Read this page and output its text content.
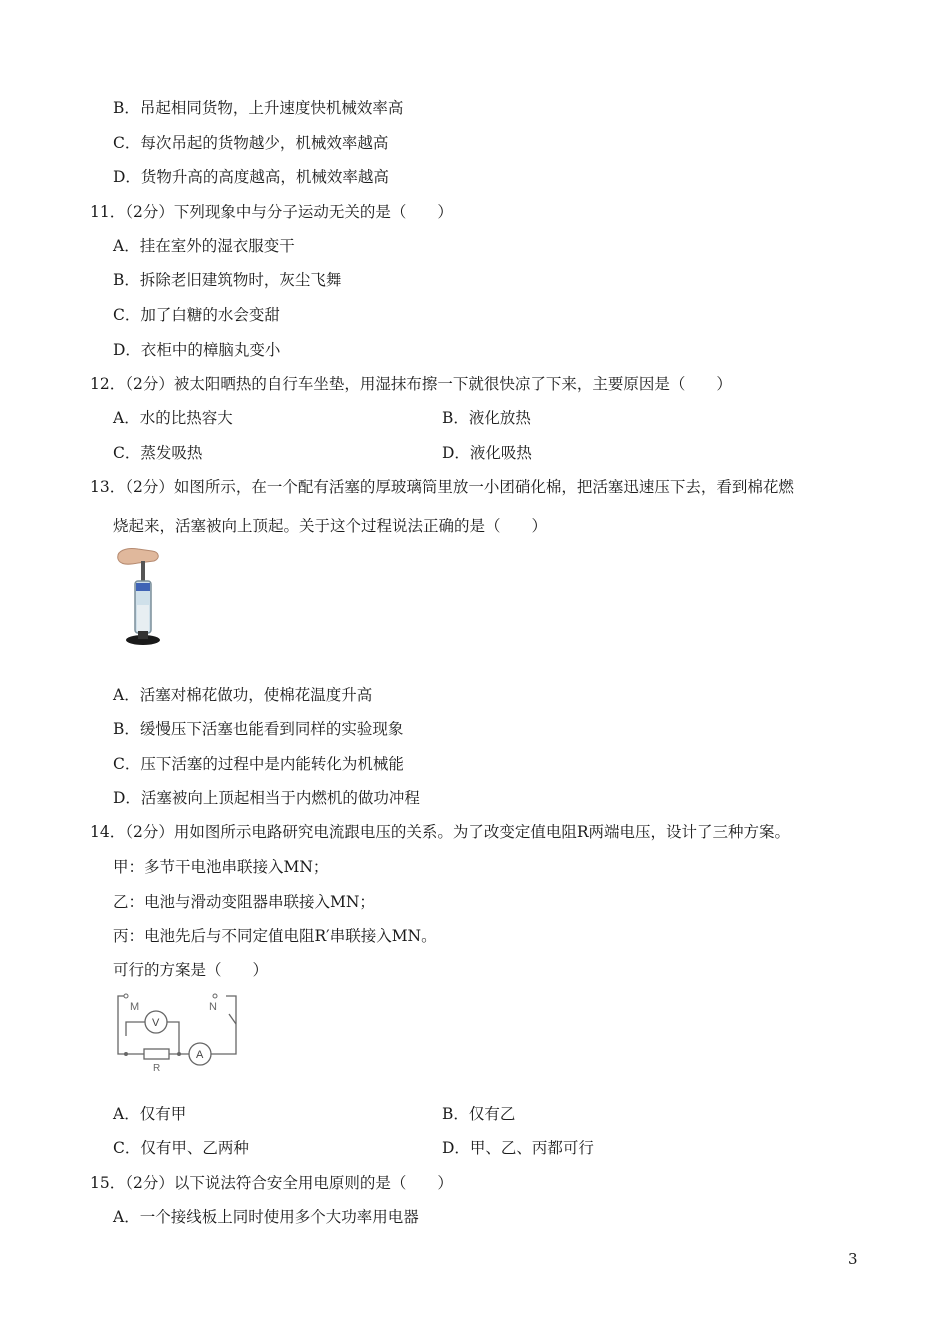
B．吊起相同货物，上升速度快机械效率高
C．每次吊起的货物越少，机械效率越高
D．货物升高的高度越高，机械效率越高
11．（2分）下列现象中与分子运动无关的是（　　）
A．挂在室外的湿衣服变干
B．拆除老旧建筑物时，灰尘飞舞
C．加了白糖的水会变甜
D．衣柜中的樟脑丸变小
12．（2分）被太阳晒热的自行车坐垫，用湿抹布擦一下就很快凉了下来，主要原因是（　　）
A．水的比热容大	B．液化放热
C．蒸发吸热	D．液化吸热
13．（2分）如图所示，在一个配有活塞的厚玻璃筒里放一小团硝化棉，把活塞迅速压下去，看到棉花燃
烧起来，活塞被向上顶起。关于这个过程说法正确的是（　　）
A．活塞对棉花做功，使棉花温度升高
B．缓慢压下活塞也能看到同样的实验现象
C．压下活塞的过程中是内能转化为机械能
D．活塞被向上顶起相当于内燃机的做功冲程
14．（2分）用如图所示电路研究电流跟电压的关系。为了改变定值电阻R两端电压，设计了三种方案。
甲：多节干电池串联接入MN；
乙：电池与滑动变阻器串联接入MN；
丙：电池先后与不同定值电阻R′串联接入MN。
可行的方案是（　　）
M	N
V
R
A
A．仅有甲	B．仅有乙
C．仅有甲、乙两种	D．甲、乙、丙都可行
15．（2分）以下说法符合安全用电原则的是（　　）
A．一个接线板上同时使用多个大功率用电器
3
